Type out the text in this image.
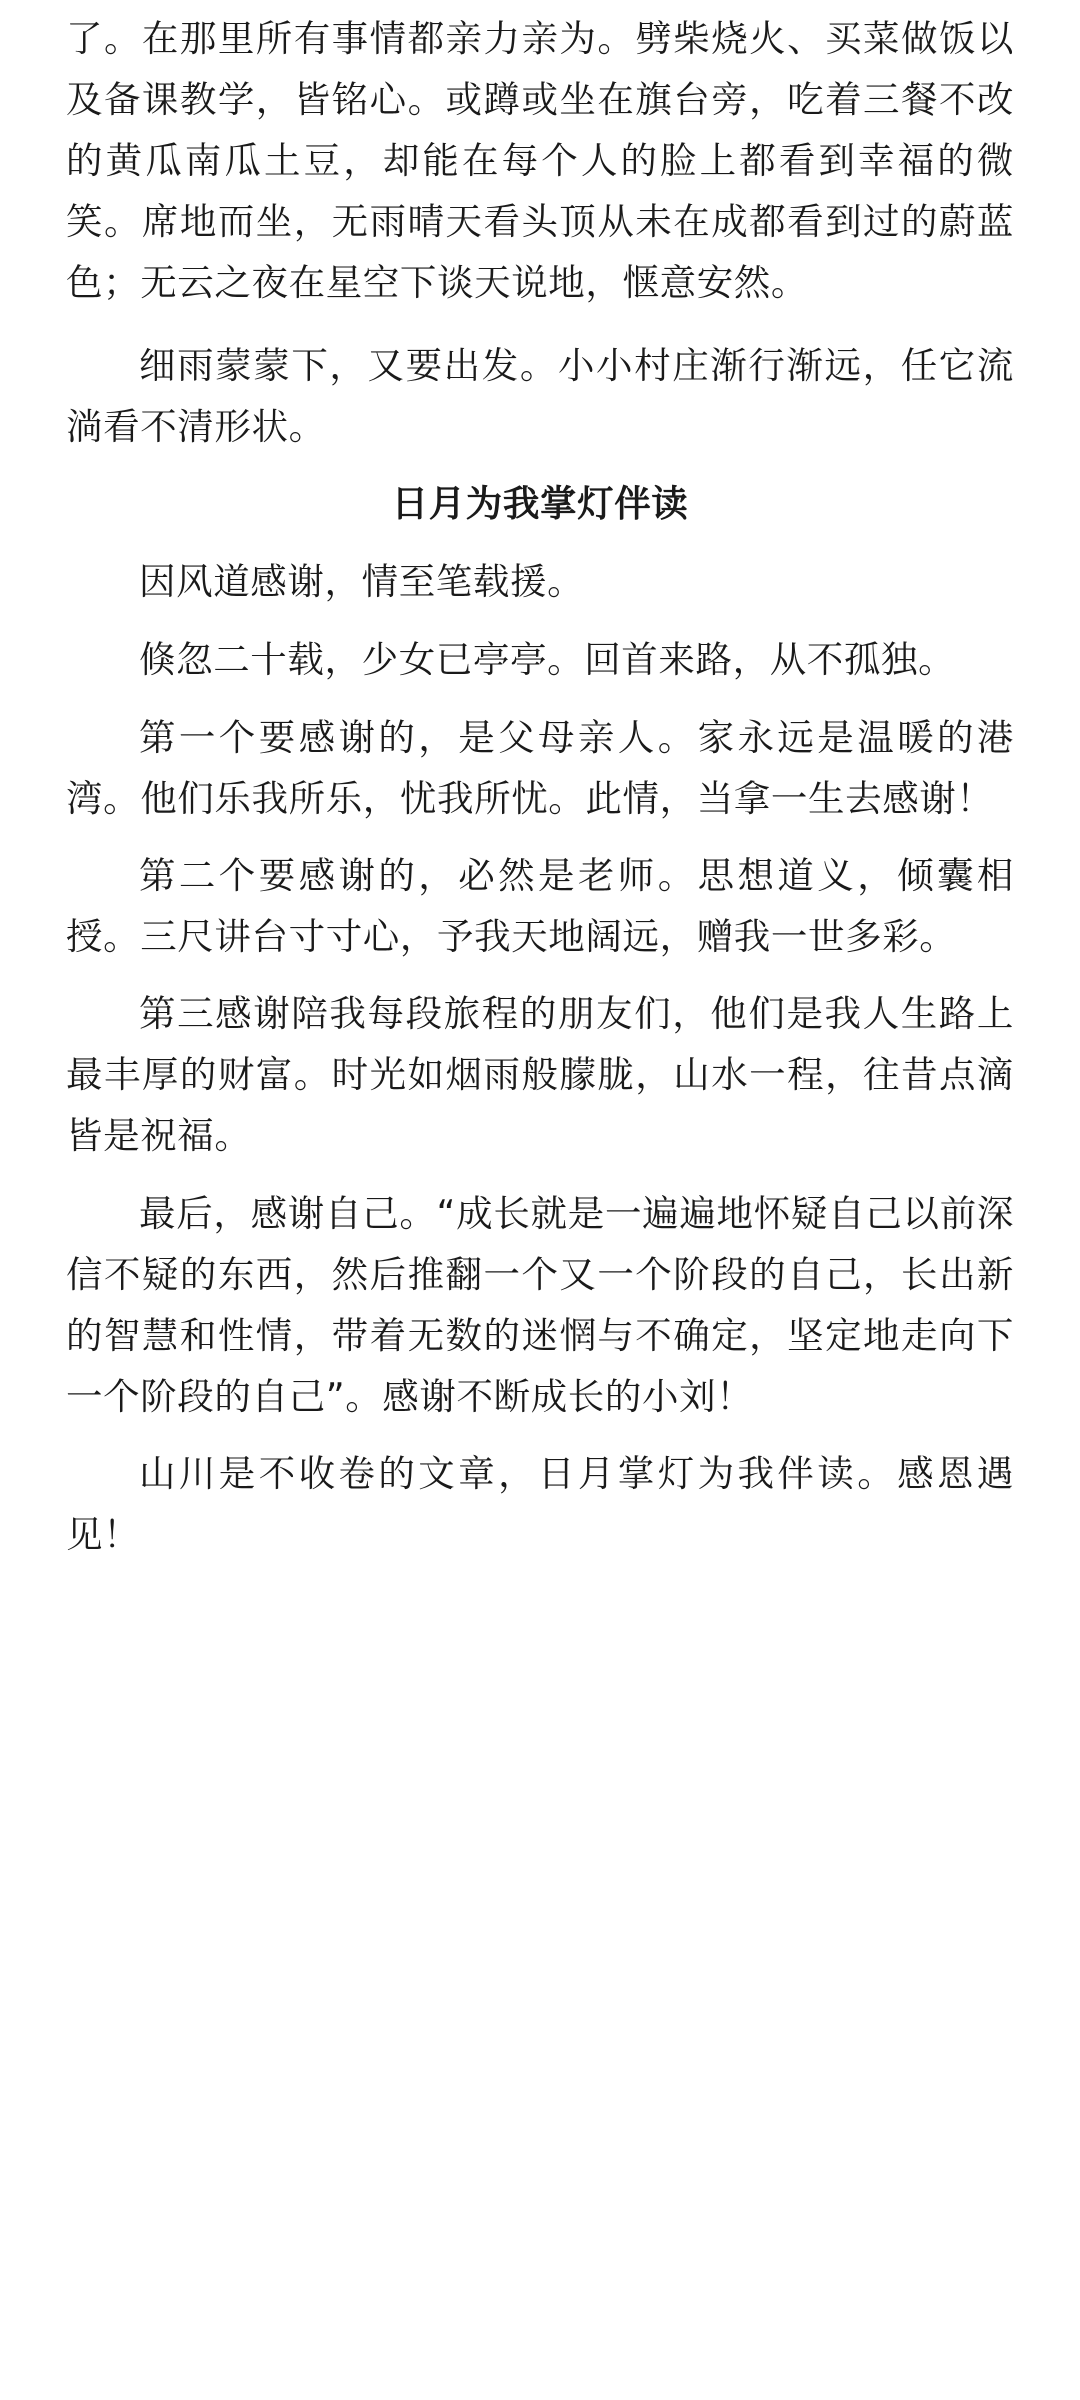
了。在那里所有事情都亲力亲为。劈柴烧火、买菜做饭以及备课教学，皆铭心。或蹲或坐在旗台旁，吃着三餐不改的黄瓜南瓜土豆，却能在每个人的脸上都看到幸福的微笑。席地而坐，无雨晴天看头顶从未在成都看到过的蔚蓝色；无云之夜在星空下谈天说地，惬意安然。

细雨蒙蒙下，又要出发。小小村庄渐行渐远，任它流淌看不清形状。

日月为我掌灯伴读

因风道感谢，情至笔载援。

倏忽二十载，少女已亭亭。回首来路，从不孤独。

第一个要感谢的，是父母亲人。家永远是温暖的港湾。他们乐我所乐，忧我所忧。此情，当拿一生去感谢！

第二个要感谢的，必然是老师。思想道义，倾囊相授。三尺讲台寸寸心，予我天地阔远，赠我一世多彩。

第三感谢陪我每段旅程的朋友们，他们是我人生路上最丰厚的财富。时光如烟雨般朦胧，山水一程，往昔点滴皆是祝福。

最后，感谢自己。“成长就是一遍遍地怀疑自己以前深信不疑的东西，然后推翻一个又一个阶段的自己，长出新的智慧和性情，带着无数的迷惘与不确定，坚定地走向下一个阶段的自己”。感谢不断成长的小刘！

山川是不收卷的文章，日月掌灯为我伴读。感恩遇见！
